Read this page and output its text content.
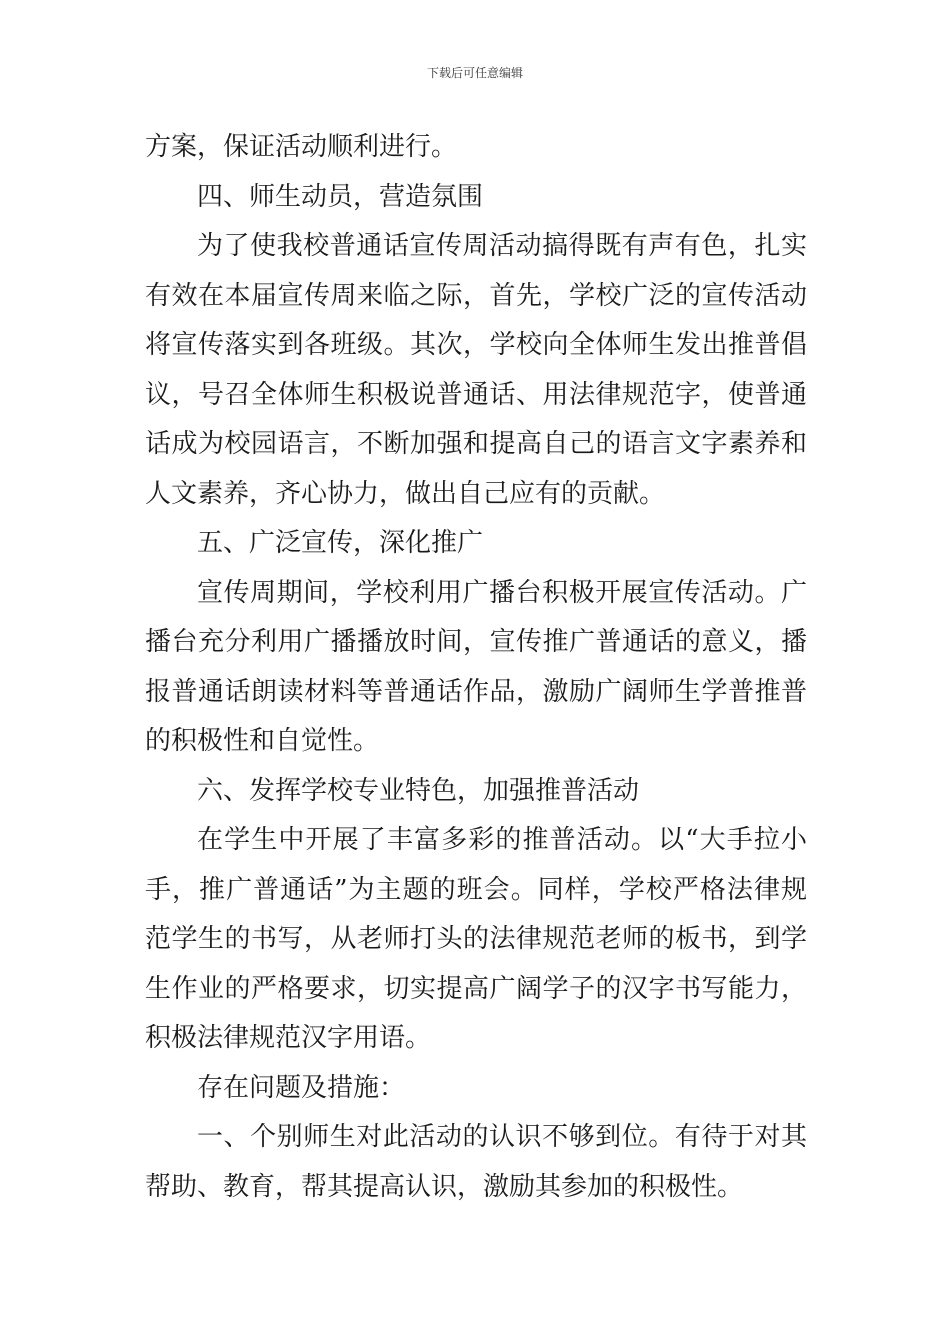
下载后可任意编辑
方案，保证活动顺利进行。
四、师生动员，营造氛围
为了使我校普通话宣传周活动搞得既有声有色，扎实
有效在本届宣传周来临之际，首先，学校广泛的宣传活动
将宣传落实到各班级。其次，学校向全体师生发出推普倡
议，号召全体师生积极说普通话、用法律规范字，使普通
话成为校园语言，不断加强和提高自己的语言文字素养和
人文素养，齐心协力，做出自己应有的贡献。
五、广泛宣传，深化推广
宣传周期间，学校利用广播台积极开展宣传活动。广
播台充分利用广播播放时间，宣传推广普通话的意义，播
报普通话朗读材料等普通话作品，激励广阔师生学普推普
的积极性和自觉性。
六、发挥学校专业特色，加强推普活动
在学生中开展了丰富多彩的推普活动。以“大手拉小
手，推广普通话”为主题的班会。同样，学校严格法律规
范学生的书写，从老师打头的法律规范老师的板书，到学
生作业的严格要求，切实提高广阔学子的汉字书写能力，
积极法律规范汉字用语。
存在问题及措施：
一、个别师生对此活动的认识不够到位。有待于对其
帮助、教育，帮其提高认识，激励其参加的积极性。
